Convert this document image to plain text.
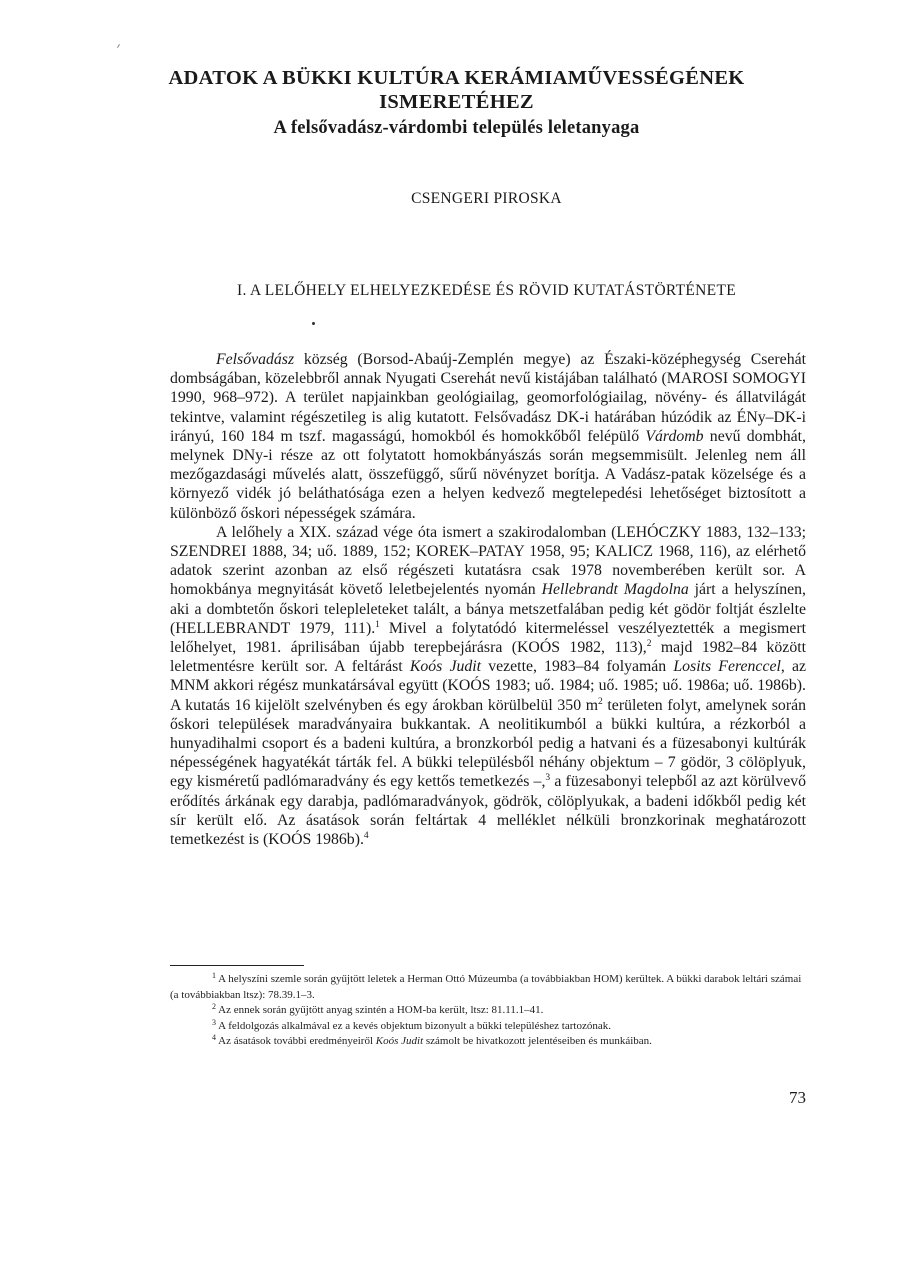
ADATOK A BÜKKI KULTÚRA KERÁMIAMŰVESSÉGÉNEK
ISMERETÉHEZ
A felsővadász-várdombi település leletanyaga
CSENGERI PIROSKA
I. A LELŐHELY ELHELYEZKEDÉSE ÉS RÖVID KUTATÁSTÖRTÉNETE

Felsővadász község (Borsod-Abaúj-Zemplén megye) az Északi-középhegység Cserehát dombságában, közelebbről annak Nyugati Cserehát nevű kistájában található (MAROSI SOMOGYI 1990, 968–972). A terület napjainkban geológiailag, geomorfológiailag, növény- és állatvilágát tekintve, valamint régészetileg is alig kutatott. Felsővadász DK-i határában húzódik az ÉNy–DK-i irányú, 160 184 m tszf. magasságú, homokból és homokkőből felépülő Várdomb nevű dombhát, melynek DNy-i része az ott folytatott homokbányászás során megsemmisült. Jelenleg nem áll mezőgazdasági művelés alatt, összefüggő, sűrű növényzet borítja. A Vadász-patak közelsége és a környező vidék jó beláthatósága ezen a helyen kedvező megtelepedési lehetőséget biztosított a különböző őskori népességek számára.

A lelőhely a XIX. század vége óta ismert a szakirodalomban (LEHÓCZKY 1883, 132–133; SZENDREI 1888, 34; uő. 1889, 152; KOREK–PATAY 1958, 95; KALICZ 1968, 116), az elérhető adatok szerint azonban az első régészeti kutatásra csak 1978 novemberében került sor. A homokbánya megnyitását követő leletbejelentés nyomán Hellebrandt Magdolna járt a helyszínen, aki a dombtetőn őskori telepleleteket talált, a bánya metszetfalában pedig két gödör foltját észlelte (HELLEBRANDT 1979, 111).$^1$ Mivel a folytatódó kitermeléssel veszélyeztették a megismert lelőhelyet, 1981. áprilisában újabb terepbejárásra (KOÓS 1982, 113),$^2$ majd 1982–84 között leletmentésre került sor. A feltárást Koós Judit vezette, 1983–84 folyamán Losits Ferenccel, az MNM akkori régész munkatársával együtt (KOÓS 1983; uő. 1984; uő. 1985; uő. 1986a; uő. 1986b). A kutatás 16 kijelölt szelvényben és egy árokban körülbelül 350 $m^2$ területen folyt, amelynek során őskori települések maradványaira bukkantak. A neolitikumból a bükki kultúra, a rézkorból a hunyadihalmi csoport és a badeni kultúra, a bronzkorból pedig a hatvani és a füzesabonyi kultúrák népességének hagyatékát tárták fel. A bükki településből néhány objektum – 7 gödör, 3 cölöplyuk, egy kisméretű padlómaradvány és egy kettős temetkezés –,$^3$ a füzesabonyi telepből az azt körülvevő erődítés árkának egy darabja, padlómaradványok, gödrök, cölöplyukak, a badeni időkből pedig két sír került elő. Az ásatások során feltártak 4 melléklet nélküli bronzkorinak meghatározott temetkezést is (KOÓS 1986b).$^4$

$^1$ A helyszíni szemle során gyűjtött leletek a Herman Ottó Múzeumba (a továbbiakban HOM) kerültek. A bükki darabok leltári számai (a továbbiakban ltsz): 78.39.1–3.

$^2$ Az ennek során gyűjtött anyag szintén a HOM-ba került, ltsz: 81.11.1–41.

$^3$ A feldolgozás alkalmával ez a kevés objektum bizonyult a bükki településhez tartozónak.

$^4$ Az ásatások további eredményeiről Koós Judit számolt be hivatkozott jelentéseiben és munkáiban.

73
